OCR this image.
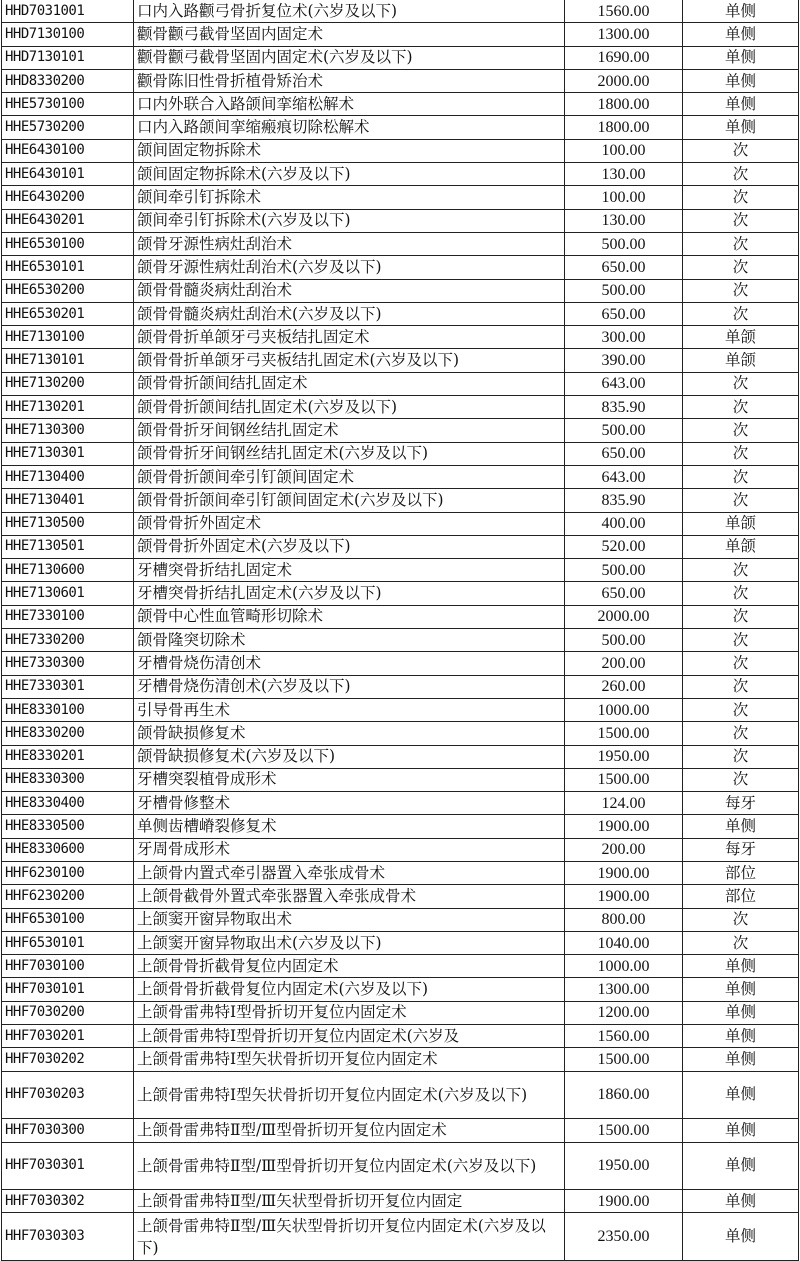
HHD7031001	口内入路颧弓骨折复位术(六岁及以下)	1560.00	单侧
HHD7130100	颧骨颧弓截骨坚固内固定术	1300.00	单侧
HHD7130101	颧骨颧弓截骨坚固内固定术(六岁及以下)	1690.00	单侧
HHD8330200	颧骨陈旧性骨折植骨矫治术	2000.00	单侧
HHE5730100	口内外联合入路颌间挛缩松解术	1800.00	单侧
HHE5730200	口内入路颌间挛缩瘢痕切除松解术	1800.00	单侧
HHE6430100	颌间固定物拆除术	100.00	次
HHE6430101	颌间固定物拆除术(六岁及以下)	130.00	次
HHE6430200	颌间牵引钉拆除术	100.00	次
HHE6430201	颌间牵引钉拆除术(六岁及以下)	130.00	次
HHE6530100	颌骨牙源性病灶刮治术	500.00	次
HHE6530101	颌骨牙源性病灶刮治术(六岁及以下)	650.00	次
HHE6530200	颌骨骨髓炎病灶刮治术	500.00	次
HHE6530201	颌骨骨髓炎病灶刮治术(六岁及以下)	650.00	次
HHE7130100	颌骨骨折单颌牙弓夹板结扎固定术	300.00	单颌
HHE7130101	颌骨骨折单颌牙弓夹板结扎固定术(六岁及以下)	390.00	单颌
HHE7130200	颌骨骨折颌间结扎固定术	643.00	次
HHE7130201	颌骨骨折颌间结扎固定术(六岁及以下)	835.90	次
HHE7130300	颌骨骨折牙间钢丝结扎固定术	500.00	次
HHE7130301	颌骨骨折牙间钢丝结扎固定术(六岁及以下)	650.00	次
HHE7130400	颌骨骨折颌间牵引钉颌间固定术	643.00	次
HHE7130401	颌骨骨折颌间牵引钉颌间固定术(六岁及以下)	835.90	次
HHE7130500	颌骨骨折外固定术	400.00	单颌
HHE7130501	颌骨骨折外固定术(六岁及以下)	520.00	单颌
HHE7130600	牙槽突骨折结扎固定术	500.00	次
HHE7130601	牙槽突骨折结扎固定术(六岁及以下)	650.00	次
HHE7330100	颌骨中心性血管畸形切除术	2000.00	次
HHE7330200	颌骨隆突切除术	500.00	次
HHE7330300	牙槽骨烧伤清创术	200.00	次
HHE7330301	牙槽骨烧伤清创术(六岁及以下)	260.00	次
HHE8330100	引导骨再生术	1000.00	次
HHE8330200	颌骨缺损修复术	1500.00	次
HHE8330201	颌骨缺损修复术(六岁及以下)	1950.00	次
HHE8330300	牙槽突裂植骨成形术	1500.00	次
HHE8330400	牙槽骨修整术	124.00	每牙
HHE8330500	单侧齿槽嵴裂修复术	1900.00	单侧
HHE8330600	牙周骨成形术	200.00	每牙
HHF6230100	上颌骨内置式牵引器置入牵张成骨术	1900.00	部位
HHF6230200	上颌骨截骨外置式牵张器置入牵张成骨术	1900.00	部位
HHF6530100	上颌窦开窗异物取出术	800.00	次
HHF6530101	上颌窦开窗异物取出术(六岁及以下)	1040.00	次
HHF7030100	上颌骨骨折截骨复位内固定术	1000.00	单侧
HHF7030101	上颌骨骨折截骨复位内固定术(六岁及以下)	1300.00	单侧
HHF7030200	上颌骨雷弗特Ⅰ型骨折切开复位内固定术	1200.00	单侧
HHF7030201	上颌骨雷弗特Ⅰ型骨折切开复位内固定术(六岁及	1560.00	单侧
HHF7030202	上颌骨雷弗特Ⅰ型矢状骨折切开复位内固定术	1500.00	单侧
HHF7030203	上颌骨雷弗特Ⅰ型矢状骨折切开复位内固定术(六岁及以下)	1860.00	单侧
HHF7030300	上颌骨雷弗特Ⅱ型/Ⅲ型骨折切开复位内固定术	1500.00	单侧
HHF7030301	上颌骨雷弗特Ⅱ型/Ⅲ型骨折切开复位内固定术(六岁及以下)	1950.00	单侧
HHF7030302	上颌骨雷弗特Ⅱ型/Ⅲ矢状型骨折切开复位内固定	1900.00	单侧
HHF7030303	上颌骨雷弗特Ⅱ型/Ⅲ矢状型骨折切开复位内固定术(六岁及以下)	2350.00	单侧
